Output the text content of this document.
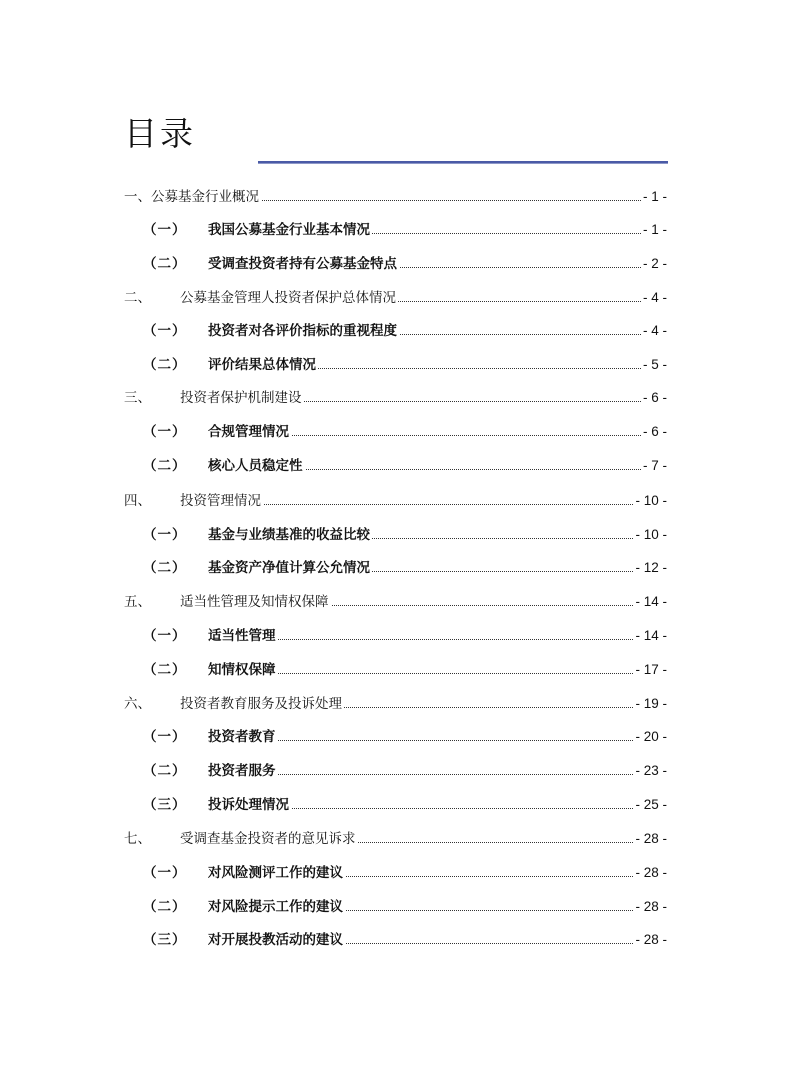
目录
一、 公募基金行业概况	- 1 -
（一） 我国公募基金行业基本情况	- 1 -
（二） 受调查投资者持有公募基金特点	- 2 -
二、 公募基金管理人投资者保护总体情况	- 4 -
（一） 投资者对各评价指标的重视程度	- 4 -
（二） 评价结果总体情况	- 5 -
三、 投资者保护机制建设	- 6 -
（一） 合规管理情况	- 6 -
（二） 核心人员稳定性	- 7 -
四、 投资管理情况	- 10 -
（一） 基金与业绩基准的收益比较	- 10 -
（二） 基金资产净值计算公允情况	- 12 -
五、 适当性管理及知情权保障	- 14 -
（一） 适当性管理	- 14 -
（二） 知情权保障	- 17 -
六、 投资者教育服务及投诉处理	- 19 -
（一） 投资者教育	- 20 -
（二） 投资者服务	- 23 -
（三） 投诉处理情况	- 25 -
七、 受调查基金投资者的意见诉求	- 28 -
（一） 对风险测评工作的建议	- 28 -
（二） 对风险提示工作的建议	- 28 -
（三） 对开展投教活动的建议	- 28 -
